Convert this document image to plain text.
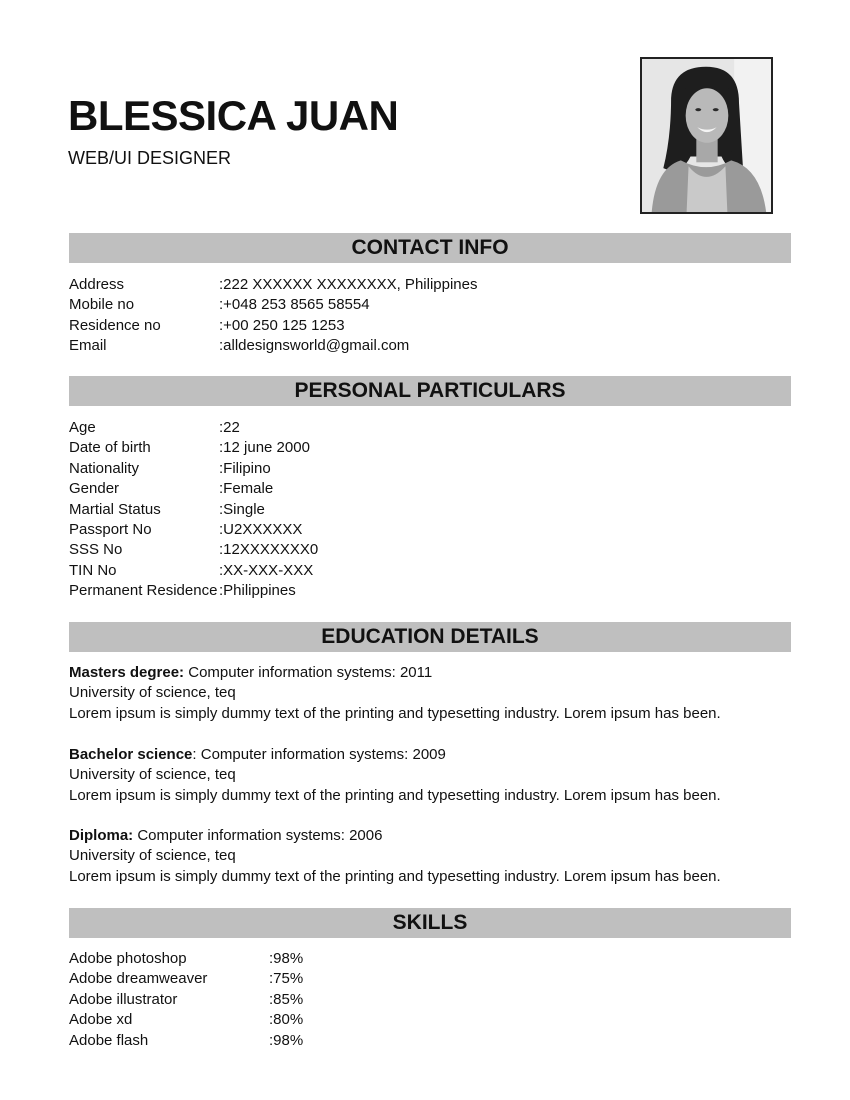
BLESSICA JUAN
WEB/UI DESIGNER
CONTACT INFO
Address	: 222 XXXXXX XXXXXXXX, Philippines
Mobile no	: +048 253 8565 58554
Residence no	: +00 250 125 1253
Email	: alldesignsworld@gmail.com
PERSONAL PARTICULARS
Age	: 22
Date of birth	: 12 june 2000
Nationality	: Filipino
Gender	: Female
Martial Status	: Single
Passport No	: U2XXXXXX
SSS No	: 12XXXXXXX0
TIN No	: XX-XXX-XXX
Permanent Residence : Philippines
EDUCATION DETAILS
Masters degree: Computer information systems: 2011
University of science, teq
Lorem ipsum is simply dummy text of the printing and typesetting industry. Lorem ipsum has been.
Bachelor science: Computer information systems: 2009
University of science, teq
Lorem ipsum is simply dummy text of the printing and typesetting industry. Lorem ipsum has been.
Diploma: Computer information systems: 2006
University of science, teq
Lorem ipsum is simply dummy text of the printing and typesetting industry. Lorem ipsum has been.
SKILLS
Adobe photoshop	: 98%
Adobe dreamweaver	: 75%
Adobe illustrator	: 85%
Adobe xd	: 80%
Adobe flash	: 98%
